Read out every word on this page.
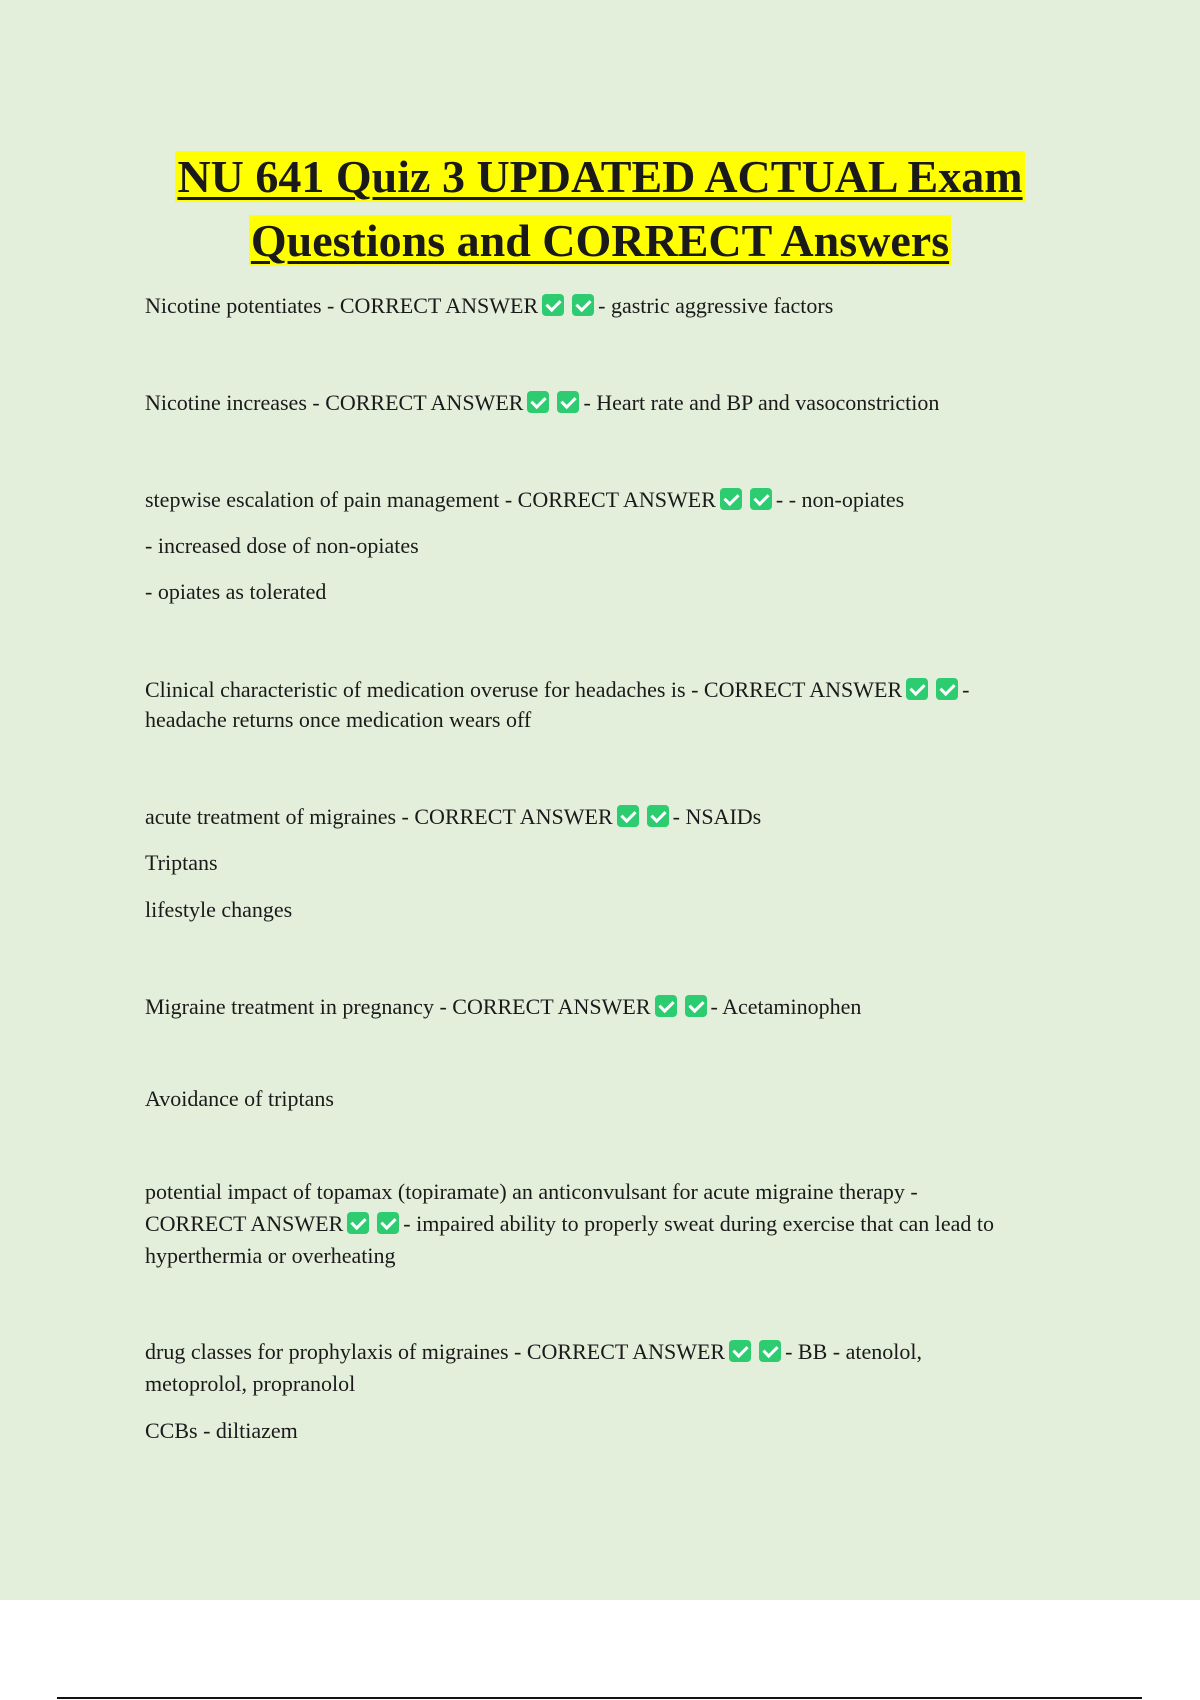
NU 641 Quiz 3 UPDATED ACTUAL Exam
Questions and CORRECT Answers
Nicotine potentiates - CORRECT ANSWER	- gastric aggressive factors
Nicotine increases - CORRECT ANSWER	- Heart rate and BP and vasoconstriction
stepwise escalation of pain management - CORRECT ANSWER	- - non-opiates
- increased dose of non-opiates
- opiates as tolerated
Clinical characteristic of medication overuse for headaches is - CORRECT ANSWER	-
headache returns once medication wears off
acute treatment of migraines - CORRECT ANSWER	- NSAIDs
Triptans
lifestyle changes
Migraine treatment in pregnancy - CORRECT ANSWER	- Acetaminophen
Avoidance of triptans
potential impact of topamax (topiramate) an anticonvulsant for acute migraine therapy -
CORRECT ANSWER	- impaired ability to properly sweat during exercise that can lead to
hyperthermia or overheating
drug classes for prophylaxis of migraines - CORRECT ANSWER	- BB - atenolol,
metoprolol, propranolol
CCBs - diltiazem
